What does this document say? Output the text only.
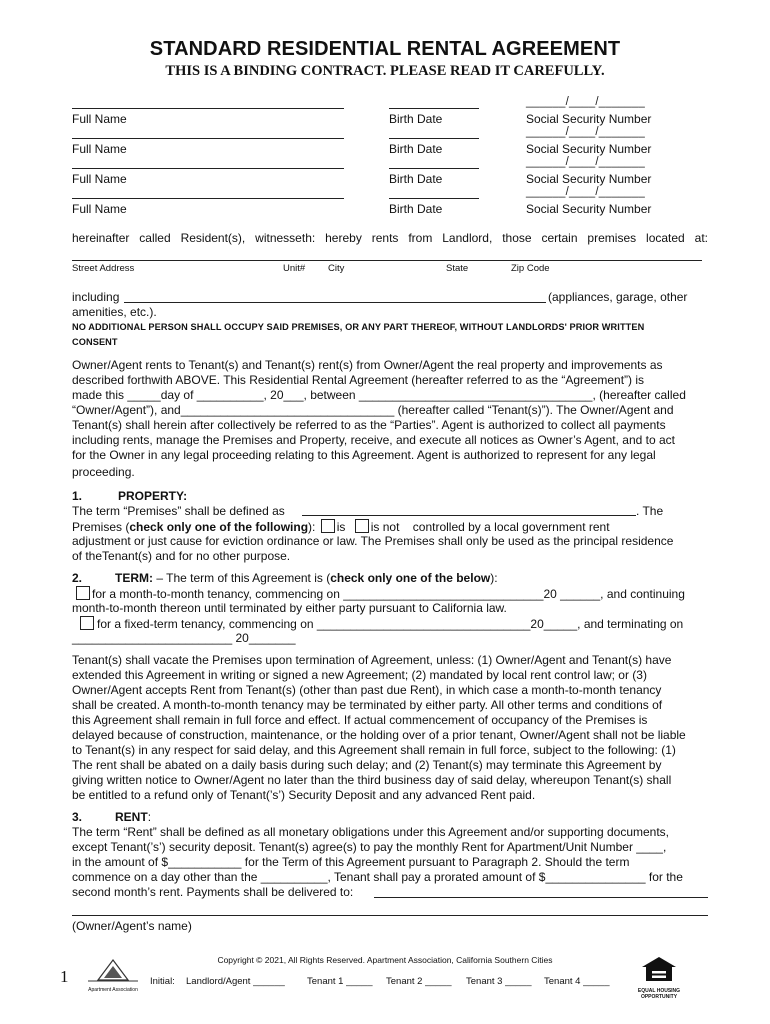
STANDARD RESIDENTIAL RENTAL AGREEMENT
THIS IS A BINDING CONTRACT. PLEASE READ IT CAREFULLY.
______/____/_______
Full Name	Birth Date	Social Security Number
______/____/_______
Full Name	Birth Date	Social Security Number
______/____/_______
Full Name	Birth Date	Social Security Number
______/____/_______
Full Name	Birth Date	Social Security Number
hereinafter called Resident(s), witnesseth: hereby rents from Landlord, those certain premises located at:
Street Address	Unit# City	State	Zip Code
including	(appliances, garage, other
amenities, etc.).
NO ADDITIONAL PERSON SHALL OCCUPY SAID PREMISES, OR ANY PART THEREOF, WITHOUT LANDLORDS' PRIOR WRITTEN
CONSENT
Owner/Agent rents to Tenant(s) and Tenant(s) rent(s) from Owner/Agent the real property and improvements as
described forthwith ABOVE. This Residential Rental Agreement (hereafter referred to as the “Agreement”) is
made this _____day of __________, 20___, between ___________________________________, (hereafter called
“Owner/Agent”), and________________________________ (hereafter called “Tenant(s)”). The Owner/Agent and
Tenant(s) shall herein after collectively be referred to as the “Parties”. Agent is authorized to collect all payments
including rents, manage the Premises and Property, receive, and execute all notices as Owner’s Agent, and to act
for the Owner in any legal proceeding relating to this Agreement. Agent is authorized to represent for any legal
proceeding.
1.	PROPERTY:
The term “Premises” shall be defined as	. The
Premises (check only one of the following): is is not controlled by a local government rent
adjustment or just cause for eviction ordinance or law. The Premises shall only be used as the principal residence
of theTenant(s) and for no other purpose.
2.	TERM: – The term of this Agreement is (check only one of the below):
for a month-to-month tenancy, commencing on ______________________________20 ______, and continuing
month-to-month thereon until terminated by either party pursuant to California law.
for a fixed-term tenancy, commencing on ________________________________20_____, and terminating on
________________________ 20_______
Tenant(s) shall vacate the Premises upon termination of Agreement, unless: (1) Owner/Agent and Tenant(s) have
extended this Agreement in writing or signed a new Agreement; (2) mandated by local rent control law; or (3)
Owner/Agent accepts Rent from Tenant(s) (other than past due Rent), in which case a month-to-month tenancy
shall be created. A month-to-month tenancy may be terminated by either party. All other terms and conditions of
this Agreement shall remain in full force and effect. If actual commencement of occupancy of the Premises is
delayed because of construction, maintenance, or the holding over of a prior tenant, Owner/Agent shall not be liable
to Tenant(s) in any respect for said delay, and this Agreement shall remain in full force, subject to the following: (1)
The rent shall be abated on a daily basis during such delay; and (2) Tenant(s) may terminate this Agreement by
giving written notice to Owner/Agent no later than the third business day of said delay, whereupon Tenant(s) shall
be entitled to a refund only of Tenant(’s’) Security Deposit and any advanced Rent paid.
3.	RENT:
The term “Rent” shall be defined as all monetary obligations under this Agreement and/or supporting documents,
except Tenant(’s’) security deposit. Tenant(s) agree(s) to pay the monthly Rent for Apartment/Unit Number ____,
in the amount of $___________ for the Term of this Agreement pursuant to Paragraph 2. Should the term
commence on a day other than the __________, Tenant shall pay a prorated amount of $_______________ for the
second month’s rent. Payments shall be delivered to:
(Owner/Agent’s name)
Copyright © 2021, All Rights Reserved. Apartment Association, California Southern Cities
1
Apartment Association
Initial: Landlord/Agent ______ Tenant 1 _____ Tenant 2 _____ Tenant 3 _____ Tenant 4 _____
EQUAL HOUSING OPPORTUNITY
